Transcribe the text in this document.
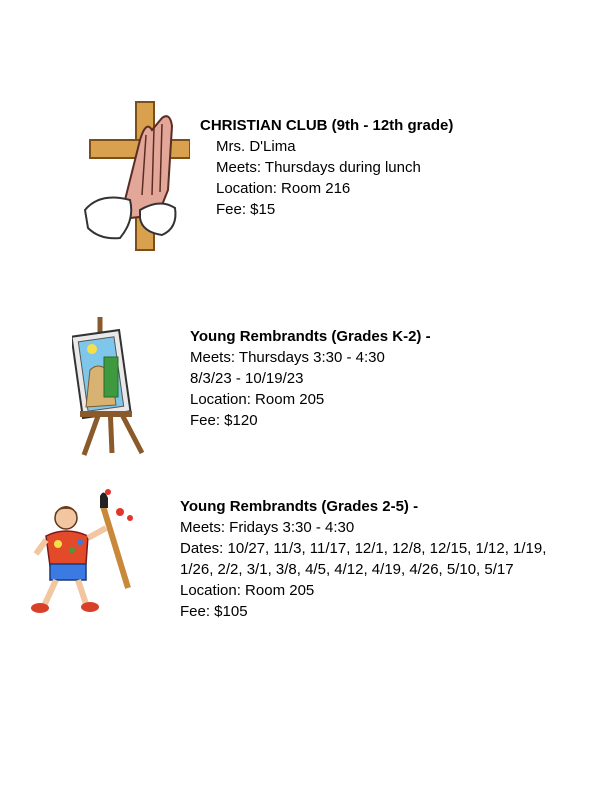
CHRISTIAN CLUB (9th - 12th grade)
Mrs. D'Lima
Meets: Thursdays during lunch
Location: Room 216
Fee: $15
Young Rembrandts (Grades K-2) -
Meets: Thursdays 3:30 - 4:30
8/3/23 - 10/19/23
Location: Room 205
Fee: $120
Young Rembrandts (Grades 2-5) -
Meets: Fridays 3:30 - 4:30
Dates: 10/27, 11/3, 11/17, 12/1, 12/8, 12/15, 1/12, 1/19,
1/26, 2/2, 3/1, 3/8, 4/5, 4/12, 4/19, 4/26, 5/10, 5/17
Location: Room 205
Fee: $105
